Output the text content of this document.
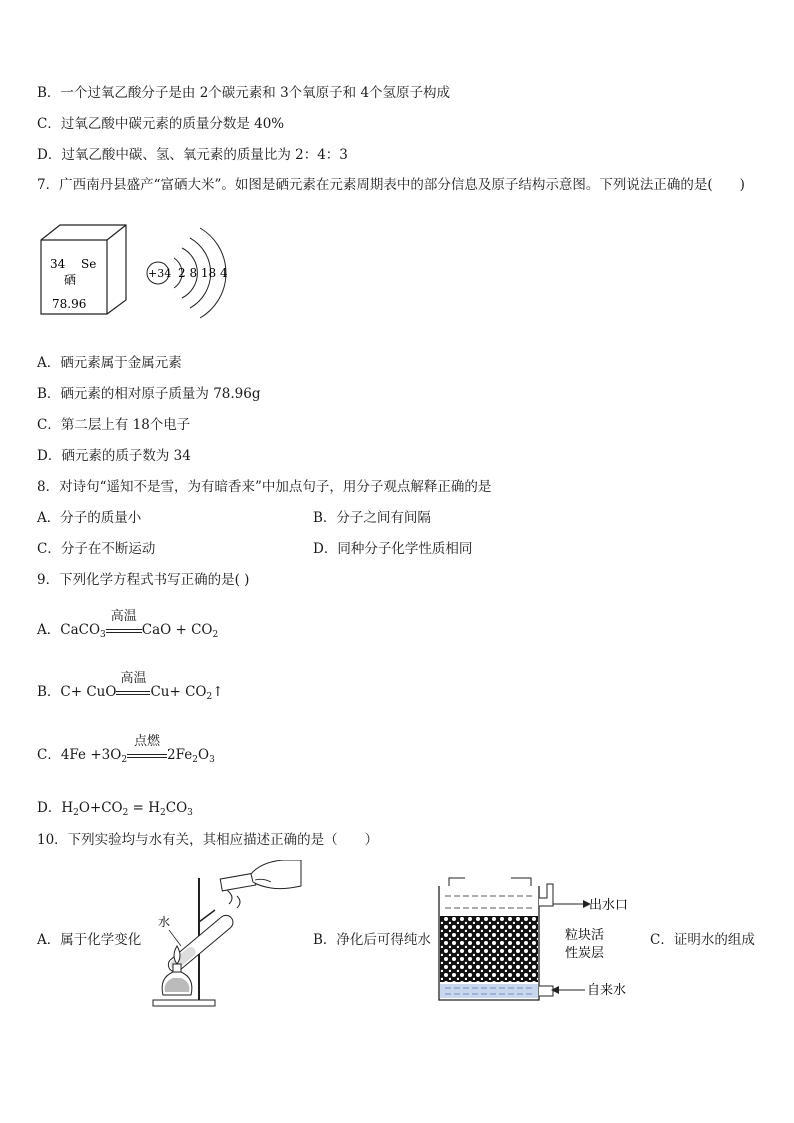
B．一个过氧乙酸分子是由 2个碳元素和 3个氧原子和 4个氢原子构成
C．过氧乙酸中碳元素的质量分数是 40%
D．过氧乙酸中碳、氢、氧元素的质量比为 2：4：3
7．广西南丹县盛产“富硒大米”。如图是硒元素在元素周期表中的部分信息及原子结构示意图。下列说法正确的是(　　)
34 Se
硒
78.96
+34 2 8 18 4
A．硒元素属于金属元素
B．硒元素的相对原子质量为 78.96g
C．第二层上有 18个电子
D．硒元素的质子数为 34
8．对诗句“遥知不是雪，为有暗香来”中加点句子，用分子观点解释正确的是
A．分子的质量小	B．分子之间有间隔
C．分子在不断运动	D．同种分子化学性质相同
9．下列化学方程式书写正确的是( )
A．CaCO$_3$
高温
CaO + $CO_2$
B．C+ CuO
高温
$Cu+ CO_2↑$
C．$4Fe +3O_2$
点燃
$2Fe_2O_3$
D．$H_2O+CO_2 = H_2CO_3$
10．下列实验均与水有关，其相应描述正确的是（　　）
A．属于化学变化
水
B．净化后可得纯水
出水口
粒块活
性炭层
自来水
C．证明水的组成
